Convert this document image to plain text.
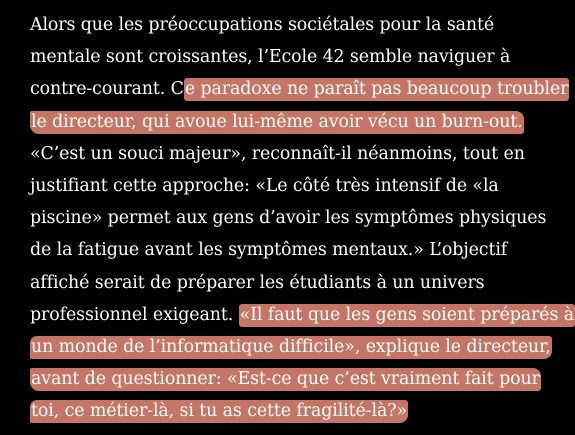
Alors que les préoccupations sociétales pour la santé
mentale sont croissantes, l’Ecole 42 semble naviguer à
contre-courant. Ce paradoxe ne paraît pas beaucoup troubler
le directeur, qui avoue lui-même avoir vécu un burn-out.
«C’est un souci majeur», reconnaît-il néanmoins, tout en
justifiant cette approche: «Le côté très intensif de «la
piscine» permet aux gens d’avoir les symptômes physiques
de la fatigue avant les symptômes mentaux.» L’objectif
affiché serait de préparer les étudiants à un univers
professionnel exigeant. «Il faut que les gens soient préparés à
un monde de l’informatique difficile», explique le directeur,
avant de questionner: «Est-ce que c’est vraiment fait pour
toi, ce métier-là, si tu as cette fragilité-là?»
